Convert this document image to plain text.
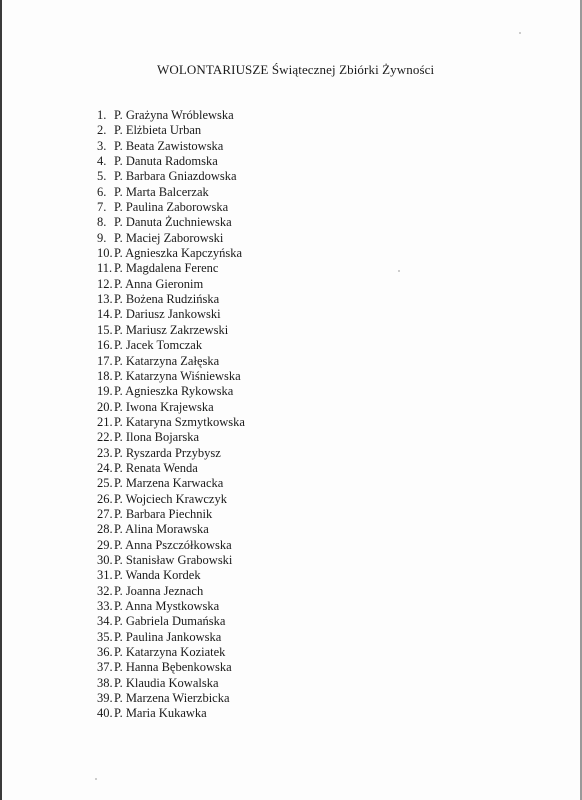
WOLONTARIUSZE Świątecznej Zbiórki Żywności
1. P. Grażyna Wróblewska
2. P. Elżbieta Urban
3. P. Beata Zawistowska
4. P. Danuta Radomska
5. P. Barbara Gniazdowska
6. P. Marta Balcerzak
7. P. Paulina Zaborowska
8. P. Danuta Żuchniewska
9. P. Maciej Zaborowski
10. P. Agnieszka Kapczyńska
11. P. Magdalena Ferenc
12. P. Anna Gieronim
13. P. Bożena Rudzińska
14. P. Dariusz Jankowski
15. P. Mariusz Zakrzewski
16. P. Jacek Tomczak
17. P. Katarzyna Załęska
18. P. Katarzyna Wiśniewska
19. P. Agnieszka Rykowska
20. P. Iwona Krajewska
21. P. Kataryna Szmytkowska
22. P. Ilona Bojarska
23. P. Ryszarda Przybysz
24. P. Renata Wenda
25. P. Marzena Karwacka
26. P. Wojciech Krawczyk
27. P. Barbara Piechnik
28. P. Alina Morawska
29. P. Anna Pszczółkowska
30. P. Stanisław Grabowski
31. P. Wanda Kordek
32. P. Joanna Jeznach
33. P. Anna Mystkowska
34. P. Gabriela Dumańska
35. P. Paulina Jankowska
36. P. Katarzyna Koziatek
37. P. Hanna Bębenkowska
38. P. Klaudia Kowalska
39. P. Marzena Wierzbicka
40. P. Maria Kukawka
